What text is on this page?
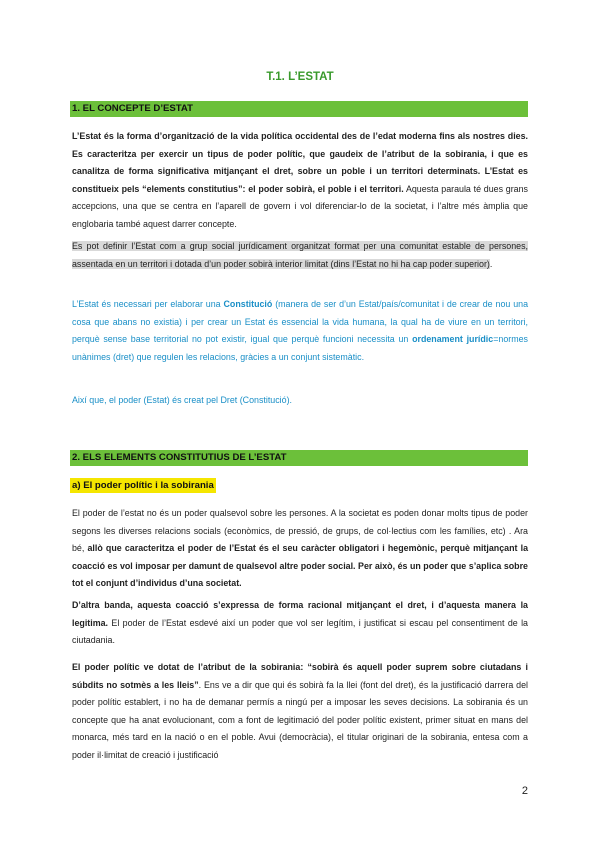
T.1. L’ESTAT
1. EL CONCEPTE D’ESTAT

L’Estat és la forma d’organització de la vida política occidental des de l’edat moderna fins als nostres dies. Es caracteritza per exercir un tipus de poder polític, que gaudeix de l’atribut de la sobirania, i que es canalitza de forma significativa mitjançant el dret, sobre un poble i un territori determinats. L’Estat es constitueix pels “elements constitutius”: el poder sobirà, el poble i el territori. Aquesta paraula té dues grans accepcions, una que se centra en l’aparell de govern i vol diferenciar-lo de la societat, i l’altre més àmplia que englobaria també aquest darrer concepte.

Es pot definir l’Estat com a grup social jurídicament organitzat format per una comunitat estable de persones, assentada en un territori i dotada d’un poder sobirà interior limitat (dins l’Estat no hi ha cap poder superior).

L’Estat és necessari per elaborar una Constitució (manera de ser d’un Estat/país/comunitat i de crear de nou una cosa que abans no existia) i per crear un Estat és essencial la vida humana, la qual ha de viure en un territori, perquè sense base territorial no pot existir, igual que perquè funcioni necessita un ordenament jurídic=normes unànimes (dret) que regulen les relacions, gràcies a un conjunt sistemàtic.

Així que, el poder (Estat) és creat pel Dret (Constitució).

2. ELS ELEMENTS CONSTITUTIUS DE L’ESTAT
a) El poder polític i la sobirania

El poder de l’estat no és un poder qualsevol sobre les persones. A la societat es poden donar molts tipus de poder segons les diverses relacions socials (econòmics, de pressió, de grups, de col·lectius com les famílies, etc) . Ara bé, allò que caracteritza el poder de l’Estat és el seu caràcter obligatori i hegemònic, perquè mitjançant la coacció es vol imposar per damunt de qualsevol altre poder social. Per això, és un poder que s’aplica sobre tot el conjunt d’individus d’una societat.

D’altra banda, aquesta coacció s’expressa de forma racional mitjançant el dret, i d’aquesta manera la legitima. El poder de l’Estat esdevé així un poder que vol ser legítim, i justificat si escau pel consentiment de la ciutadania.

El poder polític ve dotat de l’atribut de la sobirania: “sobirà és aquell poder suprem sobre ciutadans i súbdits no sotmès a les lleis”. Ens ve a dir que qui és sobirà fa la llei (font del dret), és la justificació darrera del poder polític establert, i no ha de demanar permís a ningú per a imposar les seves decisions. La sobirania és un concepte que ha anat evolucionant, com a font de legitimació del poder polític existent, primer situat en mans del monarca, més tard en la nació o en el poble. Avui (democràcia), el titular originari de la sobirania, entesa com a poder il·limitat de creació i justificació

2
